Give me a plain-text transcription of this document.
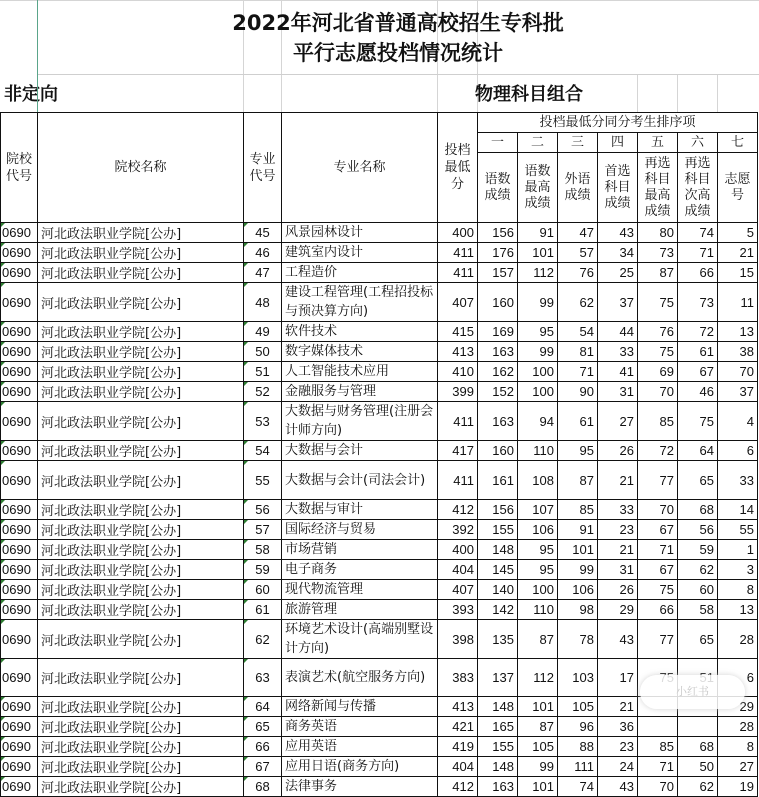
2022年河北省普通高校招生专科批
平行志愿投档情况统计
非定向	物理科目组合
院校代号	院校名称	专业代号	专业名称	投档最低分	投档最低分同分考生排序项						
					一	二	三	四	五	六	七
					语数成绩	语数最高成绩	外语成绩	首选科目成绩	再选科目最高成绩	再选科目次高成绩	志愿号
0690	河北政法职业学院[公办]	45	风景园林设计	400	156	91	47	43	80	74	5
0690	河北政法职业学院[公办]	46	建筑室内设计	411	176	101	57	34	73	71	21
0690	河北政法职业学院[公办]	47	工程造价	411	157	112	76	25	87	66	15
0690	河北政法职业学院[公办]	48	建设工程管理(工程招投标与预决算方向)	407	160	99	62	37	75	73	11
0690	河北政法职业学院[公办]	49	软件技术	415	169	95	54	44	76	72	13
0690	河北政法职业学院[公办]	50	数字媒体技术	413	163	99	81	33	75	61	38
0690	河北政法职业学院[公办]	51	人工智能技术应用	410	162	100	71	41	69	67	70
0690	河北政法职业学院[公办]	52	金融服务与管理	399	152	100	90	31	70	46	37
0690	河北政法职业学院[公办]	53	大数据与财务管理(注册会计师方向)	411	163	94	61	27	85	75	4
0690	河北政法职业学院[公办]	54	大数据与会计	417	160	110	95	26	72	64	6
0690	河北政法职业学院[公办]	55	大数据与会计(司法会计)	411	161	108	87	21	77	65	33
0690	河北政法职业学院[公办]	56	大数据与审计	412	156	107	85	33	70	68	14
0690	河北政法职业学院[公办]	57	国际经济与贸易	392	155	106	91	23	67	56	55
0690	河北政法职业学院[公办]	58	市场营销	400	148	95	101	21	71	59	1
0690	河北政法职业学院[公办]	59	电子商务	404	145	95	99	31	67	62	3
0690	河北政法职业学院[公办]	60	现代物流管理	407	140	100	106	26	75	60	8
0690	河北政法职业学院[公办]	61	旅游管理	393	142	110	98	29	66	58	13
0690	河北政法职业学院[公办]	62	环境艺术设计(高端别墅设计方向)	398	135	87	78	43	77	65	28
0690	河北政法职业学院[公办]	63	表演艺术(航空服务方向)	383	137	112	103	17			6
0690	河北政法职业学院[公办]	64	网络新闻与传播	413	148	101	105	21			29
0690	河北政法职业学院[公办]	65	商务英语	421	165	87	96	36			28
0690	河北政法职业学院[公办]	66	应用英语	419	155	105	88	23	85	68	8
0690	河北政法职业学院[公办]	67	应用日语(商务方向)	404	148	99	111	24	71	50	27
0690	河北政法职业学院[公办]	68	法律事务	412	163	101	74	43	70	62	19
小红书
